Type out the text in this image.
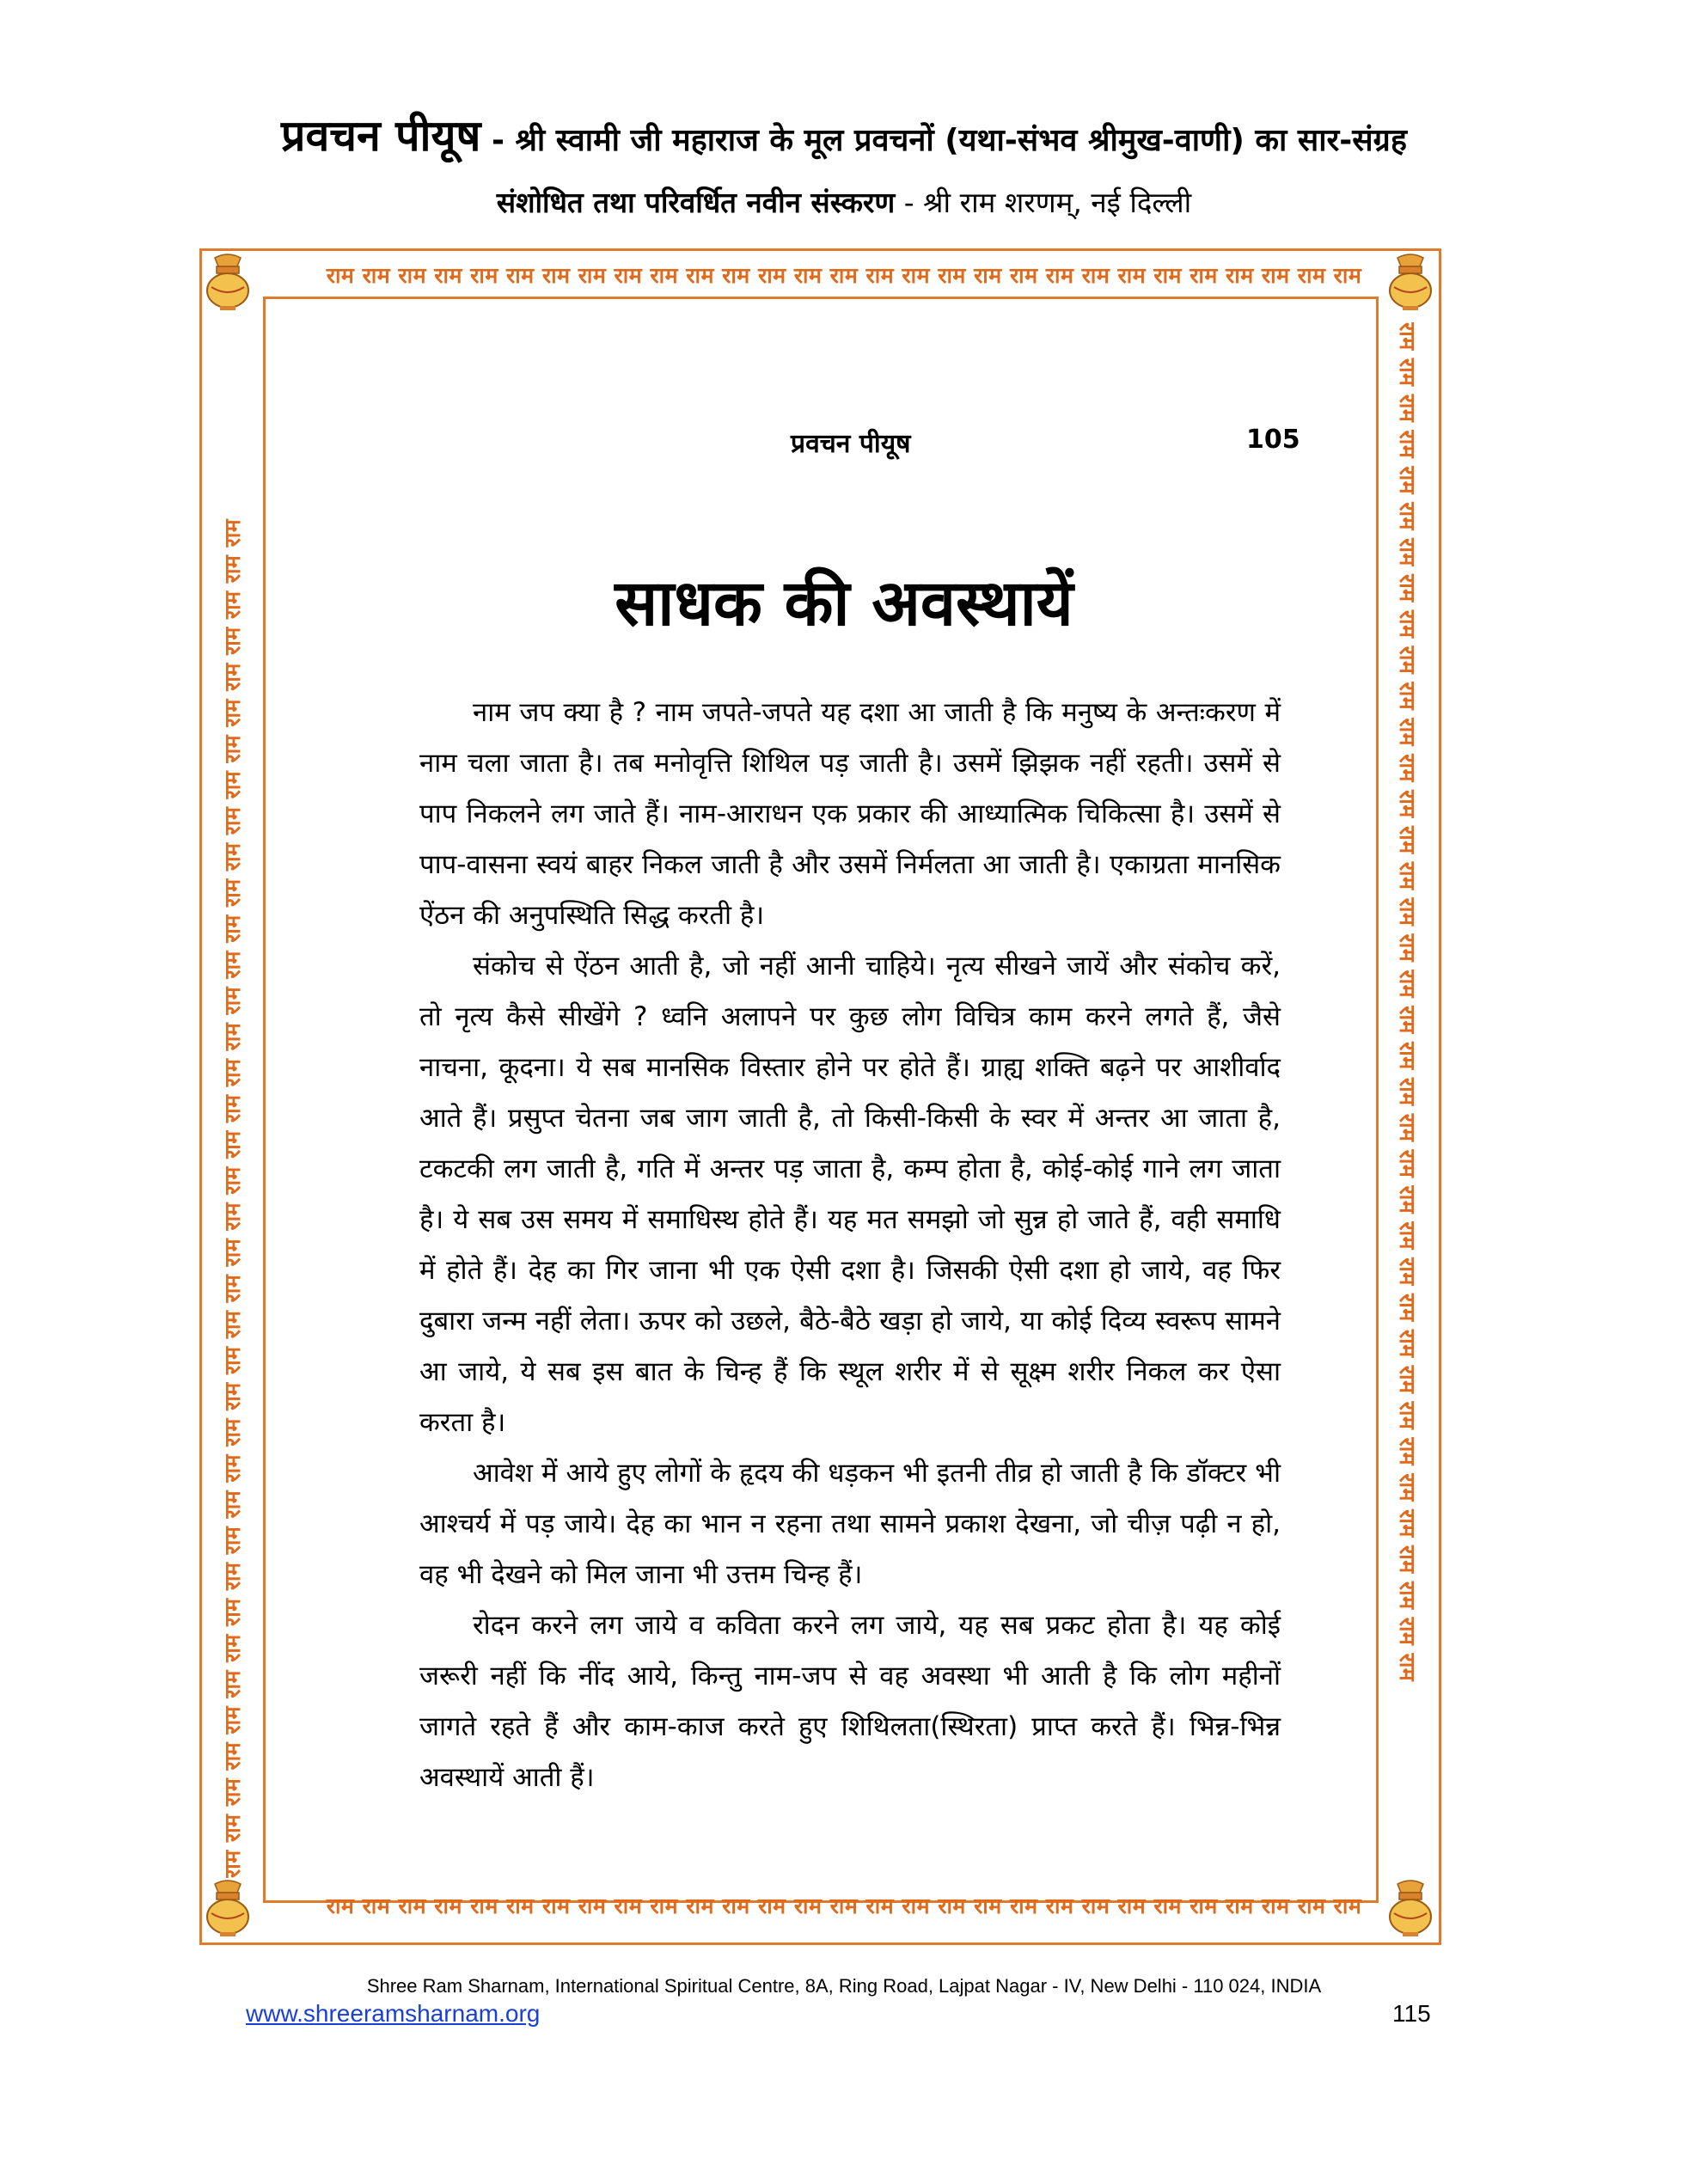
प्रवचन पीयूष - श्री स्वामी जी महाराज के मूल प्रवचनों (यथा-संभव श्रीमुख-वाणी) का सार-संग्रह
संशोधित तथा परिवर्धित नवीन संस्करण - श्री राम शरणम्, नई दिल्ली
राम राम राम राम राम राम राम राम राम राम राम राम राम राम राम राम राम राम राम राम राम राम राम राम राम राम राम राम राम
राम राम राम राम राम राम राम राम राम राम राम राम राम राम राम राम राम राम राम राम राम राम राम राम राम राम राम राम राम
राम राम राम राम राम राम राम राम राम राम राम राम राम राम राम राम राम राम राम राम राम राम राम राम राम राम राम राम राम राम राम राम राम राम राम राम राम राम	राम राम राम राम राम राम राम राम राम राम राम राम राम राम राम राम राम राम राम राम राम राम राम राम राम राम राम राम राम राम राम राम राम राम राम राम राम राम
प्रवचन पीयूष	105
साधक की अवस्थायें

नाम जप क्या है ? नाम जपते-जपते यह दशा आ जाती है कि मनुष्य के अन्तःकरण में नाम चला जाता है। तब मनोवृत्ति शिथिल पड़ जाती है। उसमें झिझक नहीं रहती। उसमें से पाप निकलने लग जाते हैं। नाम-आराधन एक प्रकार की आध्यात्मिक चिकित्सा है। उसमें से पाप-वासना स्वयं बाहर निकल जाती है और उसमें निर्मलता आ जाती है। एकाग्रता मानसिक ऐंठन की अनुपस्थिति सिद्ध करती है।

संकोच से ऐंठन आती है, जो नहीं आनी चाहिये। नृत्य सीखने जायें और संकोच करें, तो नृत्य कैसे सीखेंगे ? ध्वनि अलापने पर कुछ लोग विचित्र काम करने लगते हैं, जैसे नाचना, कूदना। ये सब मानसिक विस्तार होने पर होते हैं। ग्राह्य शक्ति बढ़ने पर आशीर्वाद आते हैं। प्रसुप्त चेतना जब जाग जाती है, तो किसी-किसी के स्वर में अन्तर आ जाता है, टकटकी लग जाती है, गति में अन्तर पड़ जाता है, कम्प होता है, कोई-कोई गाने लग जाता है। ये सब उस समय में समाधिस्थ होते हैं। यह मत समझो जो सुन्न हो जाते हैं, वही समाधि में होते हैं। देह का गिर जाना भी एक ऐसी दशा है। जिसकी ऐसी दशा हो जाये, वह फिर दुबारा जन्म नहीं लेता। ऊपर को उछले, बैठे-बैठे खड़ा हो जाये, या कोई दिव्य स्वरूप सामने आ जाये, ये सब इस बात के चिन्ह हैं कि स्थूल शरीर में से सूक्ष्म शरीर निकल कर ऐसा करता है।

आवेश में आये हुए लोगों के हृदय की धड़कन भी इतनी तीव्र हो जाती है कि डॉक्टर भी आश्चर्य में पड़ जाये। देह का भान न रहना तथा सामने प्रकाश देखना, जो चीज़ पढ़ी न हो, वह भी देखने को मिल जाना भी उत्तम चिन्ह हैं।

रोदन करने लग जाये व कविता करने लग जाये, यह सब प्रकट होता है। यह कोई जरूरी नहीं कि नींद आये, किन्तु नाम-जप से वह अवस्था भी आती है कि लोग महीनों जागते रहते हैं और काम-काज करते हुए शिथिलता(स्थिरता) प्राप्त करते हैं। भिन्न-भिन्न अवस्थायें आती हैं।

Shree Ram Sharnam, International Spiritual Centre, 8A, Ring Road, Lajpat Nagar - IV, New Delhi - 110 024, INDIA
www.shreeramsharnam.org	115
